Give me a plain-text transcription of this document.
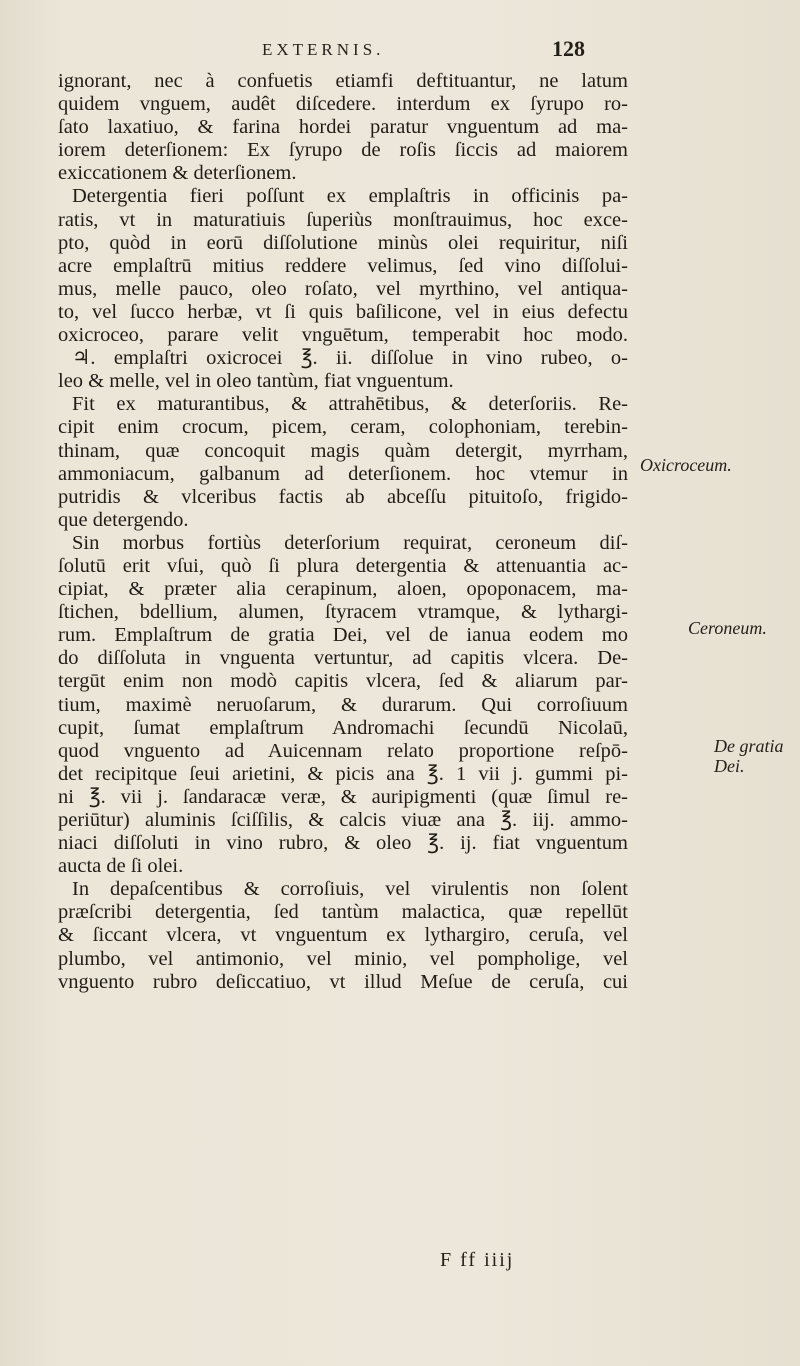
EXTERNIS.	128
ignorant, nec à confuetis etiamfi deftituantur, ne latum
quidem vnguem, audêt diſcedere. interdum ex ſyrupo ro-
ſato laxatiuo, & farina hordei paratur vnguentum ad ma-
iorem deterſionem: Ex ſyrupo de roſis ſiccis ad maiorem
exiccationem & deterſionem.
Detergentia fieri poſſunt ex emplaſtris in officinis pa-
ratis, vt in maturatiuis ſuperiùs monſtrauimus, hoc exce-
pto, quòd in eorū diſſolutione minùs olei requiritur, niſi
acre emplaſtrū mitius reddere velimus, ſed vino diſſolui-
mus, melle pauco, oleo roſato, vel myrthino, vel antiqua-
to, vel ſucco herbæ, vt ſi quis baſilicone, vel in eius defectu
oxicroceo, parare velit vnguētum, temperabit hoc modo.
♃. emplaſtri oxicrocei ℥. ii. diſſolue in vino rubeo, o-
leo & melle, vel in oleo tantùm, fiat vnguentum.
Fit ex maturantibus, & attrahētibus, & deterſoriis. Re-
cipit enim crocum, picem, ceram, colophoniam, terebin-
thinam, quæ concoquit magis quàm detergit, myrrham,
ammoniacum, galbanum ad deterſionem. hoc vtemur in
putridis & vlceribus factis ab abceſſu pituitoſo, frigido-
que detergendo.
Sin morbus fortiùs deterſorium requirat, ceroneum diſ-
ſolutū erit vſui, quò ſi plura detergentia & attenuantia ac-
cipiat, & præter alia cerapinum, aloen, opoponacem, ma-
ſtichen, bdellium, alumen, ſtyracem vtramque, & lythargi-
rum. Emplaſtrum de gratia Dei, vel de ianua eodem mo
do diſſoluta in vnguenta vertuntur, ad capitis vlcera. De-
tergūt enim non modò capitis vlcera, ſed & aliarum par-
tium, maximè neruoſarum, & durarum. Qui corroſiuum
cupit, ſumat emplaſtrum Andromachi ſecundū Nicolaū,
quod vnguento ad Auicennam relato proportione reſpō-
det recipitque ſeui arietini, & picis ana ℥. 1 vii j. gummi pi-
ni ℥. vii j. ſandaracæ veræ, & auripigmenti (quæ ſimul re-
periūtur) aluminis ſciſſilis, & calcis viuæ ana ℥. iij. ammo-
niaci diſſoluti in vino rubro, & oleo ℥. ij. fiat vnguentum
aucta de ſi olei.
In depaſcentibus & corroſiuis, vel virulentis non ſolent
præſcribi detergentia, ſed tantùm malactica, quæ repellūt
& ſiccant vlcera, vt vnguentum ex lythargiro, ceruſa, vel
plumbo, vel antimonio, vel minio, vel pompholige, vel
vnguento rubro deſiccatiuo, vt illud Meſue de ceruſa, cui
Oxicroceum.
Ceroneum.
De gratia
Dei.
F ff iiij
